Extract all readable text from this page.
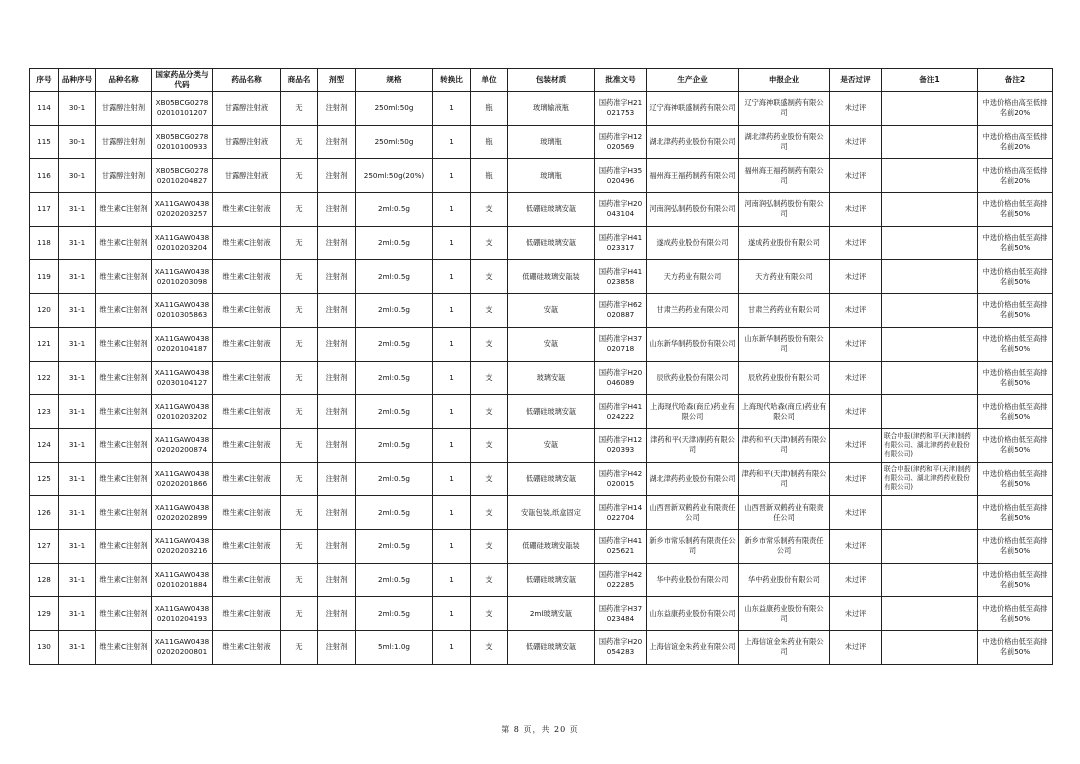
序号	品种序号	品种名称	国家药品分类与代码	药品名称	商品名	剂型	规格	转换比	单位	包装材质	批准文号	生产企业	申报企业	是否过评	备注1	备注2
114	30-1	甘露醇注射剂	XB05BCG027802010101207	甘露醇注射液	无	注射剂	250ml:50g	1	瓶	玻璃输液瓶	国药准字H21021753	辽宁海神联盛制药有限公司	辽宁海神联盛制药有限公司	未过评		中选价格由高至低排名前20%
115	30-1	甘露醇注射剂	XB05BCG027802010100933	甘露醇注射液	无	注射剂	250ml:50g	1	瓶	玻璃瓶	国药准字H12020569	湖北津药药业股份有限公司	湖北津药药业股份有限公司	未过评		中选价格由高至低排名前20%
116	30-1	甘露醇注射剂	XB05BCG027802010204827	甘露醇注射液	无	注射剂	250ml:50g(20%)	1	瓶	玻璃瓶	国药准字H35020496	福州海王福药制药有限公司	福州海王福药制药有限公司	未过评		中选价格由高至低排名前20%
117	31-1	维生素C注射剂	XA11GAW043802020203257	维生素C注射液	无	注射剂	2ml:0.5g	1	支	低硼硅玻璃安瓿	国药准字H20043104	河南润弘制药股份有限公司	河南润弘制药股份有限公司	未过评		中选价格由低至高排名前50%
118	31-1	维生素C注射剂	XA11GAW043802010203204	维生素C注射液	无	注射剂	2ml:0.5g	1	支	低硼硅玻璃安瓿	国药准字H41023317	遂成药业股份有限公司	遂成药业股份有限公司	未过评		中选价格由低至高排名前50%
119	31-1	维生素C注射剂	XA11GAW043802010203098	维生素C注射液	无	注射剂	2ml:0.5g	1	支	低硼硅玻璃安瓿装	国药准字H41023858	天方药业有限公司	天方药业有限公司	未过评		中选价格由低至高排名前50%
120	31-1	维生素C注射剂	XA11GAW043802010305863	维生素C注射液	无	注射剂	2ml:0.5g	1	支	安瓿	国药准字H62020887	甘肃兰药药业有限公司	甘肃兰药药业有限公司	未过评		中选价格由低至高排名前50%
121	31-1	维生素C注射剂	XA11GAW043802020104187	维生素C注射液	无	注射剂	2ml:0.5g	1	支	安瓿	国药准字H37020718	山东新华制药股份有限公司	山东新华制药股份有限公司	未过评		中选价格由低至高排名前50%
122	31-1	维生素C注射剂	XA11GAW043802030104127	维生素C注射液	无	注射剂	2ml:0.5g	1	支	玻璃安瓿	国药准字H20046089	辰欣药业股份有限公司	辰欣药业股份有限公司	未过评		中选价格由低至高排名前50%
123	31-1	维生素C注射剂	XA11GAW043802010203202	维生素C注射液	无	注射剂	2ml:0.5g	1	支	低硼硅玻璃安瓿	国药准字H41024222	上海现代哈森(商丘)药业有限公司	上海现代哈森(商丘)药业有限公司	未过评		中选价格由低至高排名前50%
124	31-1	维生素C注射剂	XA11GAW043802020200874	维生素C注射液	无	注射剂	2ml:0.5g	1	支	安瓿	国药准字H12020393	津药和平(天津)制药有限公司	津药和平(天津)制药有限公司	未过评	联合申报(津药和平(天津)制药有限公司、湖北津药药业股份有限公司)	中选价格由低至高排名前50%
125	31-1	维生素C注射剂	XA11GAW043802020201866	维生素C注射液	无	注射剂	2ml:0.5g	1	支	低硼硅玻璃安瓿	国药准字H42020015	湖北津药药业股份有限公司	津药和平(天津)制药有限公司	未过评	联合申报(津药和平(天津)制药有限公司、湖北津药药业股份有限公司)	中选价格由低至高排名前50%
126	31-1	维生素C注射剂	XA11GAW043802020202899	维生素C注射液	无	注射剂	2ml:0.5g	1	支	安瓿包装,纸盒固定	国药准字H14022704	山西晋新双鹤药业有限责任公司	山西晋新双鹤药业有限责任公司	未过评		中选价格由低至高排名前50%
127	31-1	维生素C注射剂	XA11GAW043802020203216	维生素C注射液	无	注射剂	2ml:0.5g	1	支	低硼硅玻璃安瓿装	国药准字H41025621	新乡市常乐制药有限责任公司	新乡市常乐制药有限责任公司	未过评		中选价格由低至高排名前50%
128	31-1	维生素C注射剂	XA11GAW043802010201884	维生素C注射液	无	注射剂	2ml:0.5g	1	支	低硼硅玻璃安瓿	国药准字H42022285	华中药业股份有限公司	华中药业股份有限公司	未过评		中选价格由低至高排名前50%
129	31-1	维生素C注射剂	XA11GAW043802010204193	维生素C注射液	无	注射剂	2ml:0.5g	1	支	2ml玻璃安瓿	国药准字H37023484	山东益康药业股份有限公司	山东益康药业股份有限公司	未过评		中选价格由低至高排名前50%
130	31-1	维生素C注射剂	XA11GAW043802020200801	维生素C注射液	无	注射剂	5ml:1.0g	1	支	低硼硅玻璃安瓿	国药准字H20054283	上海信谊金朱药业有限公司	上海信谊金朱药业有限公司	未过评		中选价格由低至高排名前50%
第 8 页，共 20 页
